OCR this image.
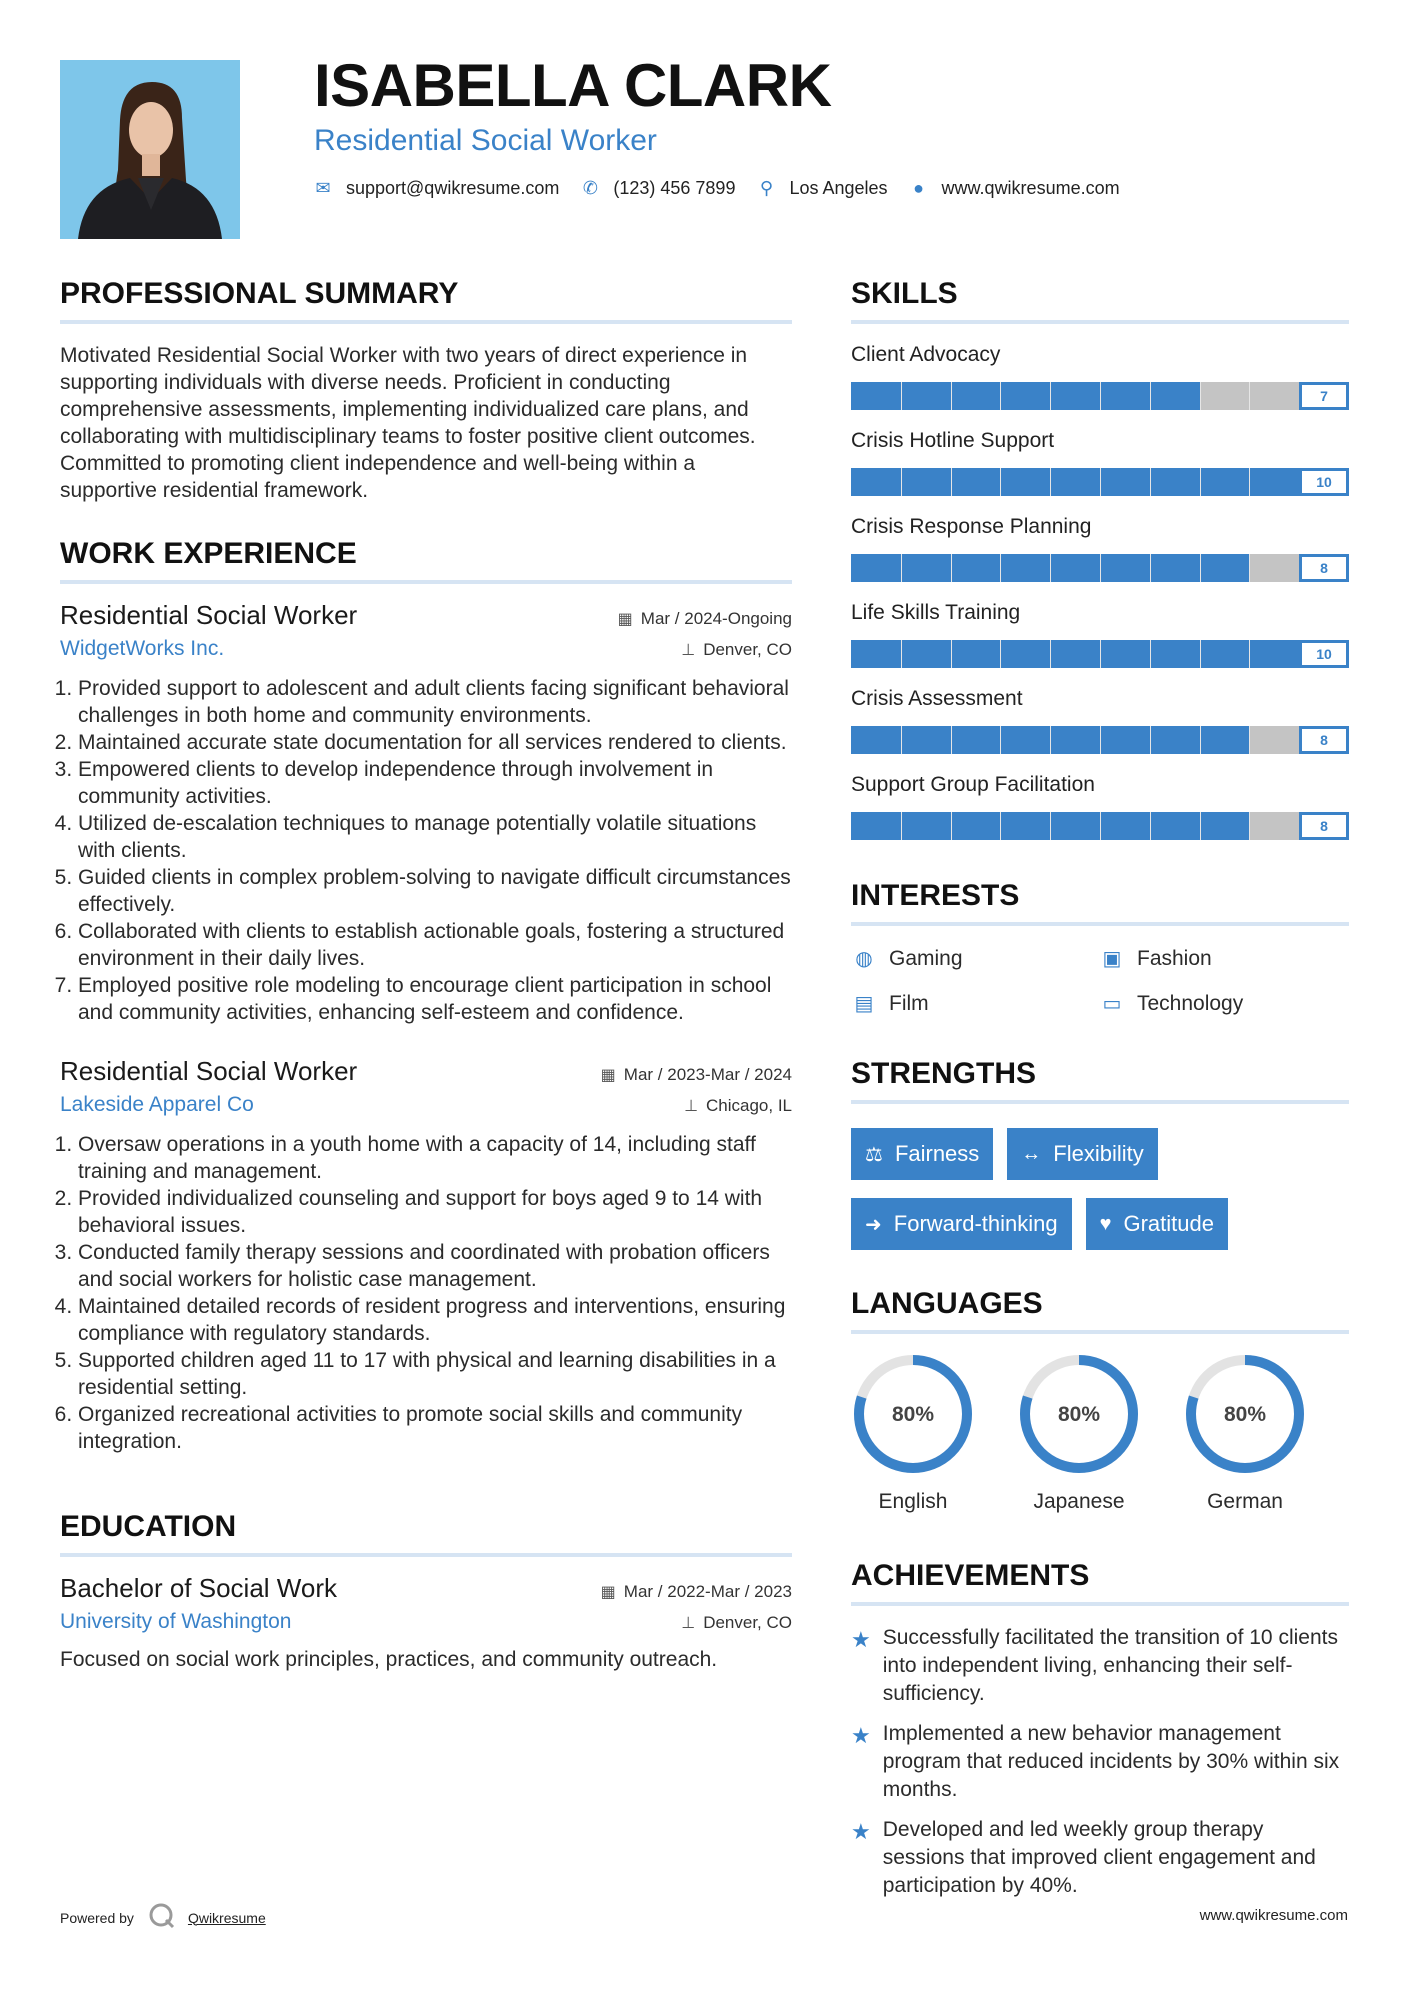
ISABELLA CLARK
Residential Social Worker
✉ support@qwikresume.com ✆ (123) 456 7899 ⚲ Los Angeles ● www.qwikresume.com
PROFESSIONAL SUMMARY

Motivated Residential Social Worker with two years of direct experience in supporting individuals with diverse needs. Proficient in conducting comprehensive assessments, implementing individualized care plans, and collaborating with multidisciplinary teams to foster positive client outcomes. Committed to promoting client independence and well-being within a supportive residential framework.

WORK EXPERIENCE
Residential Social Worker	▦ Mar / 2024-Ongoing
WidgetWorks Inc.	⊥ Denver, CO
1. Provided support to adolescent and adult clients facing significant behavioral challenges in both home and community environments.
2. Maintained accurate state documentation for all services rendered to clients.
3. Empowered clients to develop independence through involvement in community activities.
4. Utilized de-escalation techniques to manage potentially volatile situations with clients.
5. Guided clients in complex problem-solving to navigate difficult circumstances effectively.
6. Collaborated with clients to establish actionable goals, fostering a structured environment in their daily lives.
7. Employed positive role modeling to encourage client participation in school and community activities, enhancing self-esteem and confidence.
Residential Social Worker	▦ Mar / 2023-Mar / 2024
Lakeside Apparel Co	⊥ Chicago, IL
1. Oversaw operations in a youth home with a capacity of 14, including staff training and management.
2. Provided individualized counseling and support for boys aged 9 to 14 with behavioral issues.
3. Conducted family therapy sessions and coordinated with probation officers and social workers for holistic case management.
4. Maintained detailed records of resident progress and interventions, ensuring compliance with regulatory standards.
5. Supported children aged 11 to 17 with physical and learning disabilities in a residential setting.
6. Organized recreational activities to promote social skills and community integration.
EDUCATION
Bachelor of Social Work	▦ Mar / 2022-Mar / 2023
University of Washington	⊥ Denver, CO

Focused on social work principles, practices, and community outreach.

SKILLS
Client Advocacy
7
Crisis Hotline Support
10
Crisis Response Planning
8
Life Skills Training
10
Crisis Assessment
8
Support Group Facilitation
8
INTERESTS
◍ Gaming	▣ Fashion
▤ Film	▭ Technology
STRENGTHS
⚖ Fairness ↔ Flexibility
➜ Forward-thinking ♥ Gratitude
LANGUAGES
80%
English
80%
Japanese
80%
German
ACHIEVEMENTS
★ Successfully facilitated the transition of 10 clients into independent living, enhancing their self-sufficiency.
★ Implemented a new behavior management program that reduced incidents by 30% within six months.
★ Developed and led weekly group therapy sessions that improved client engagement and participation by 40%.
Powered by	Qwikresume	www.qwikresume.com
